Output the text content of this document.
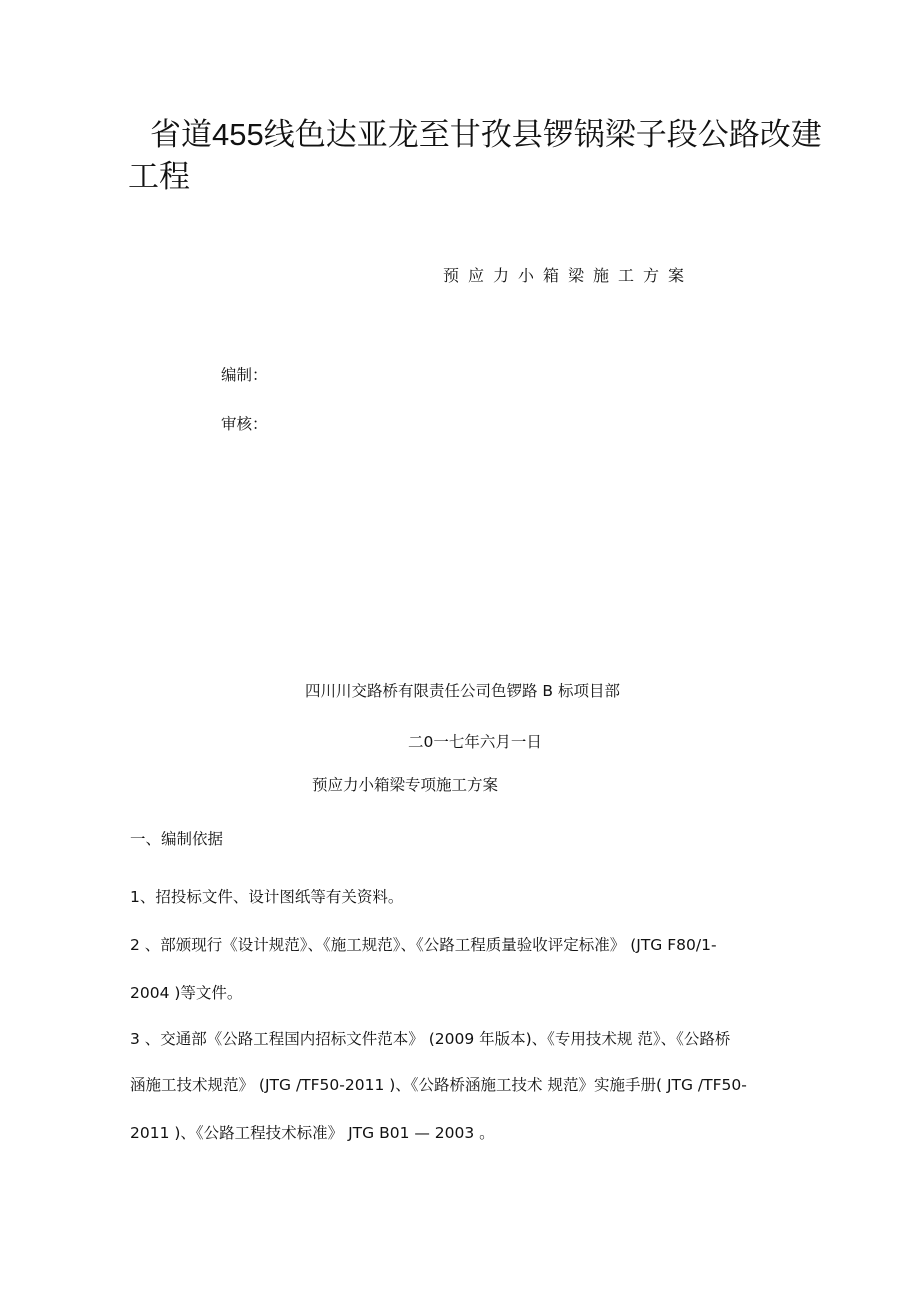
省道455线色达亚龙至甘孜县锣锅梁子段公路改建
工程
预应力小箱梁施工方案
编制：
审核：
四川川交路桥有限责任公司色锣路 B 标项目部
二0一七年六月一日
预应力小箱梁专项施工方案
一、编制依据
1、招投标文件、设计图纸等有关资料。
2 、部颁现行《设计规范》、《施工规范》、《公路工程质量验收评定标准》 (JTG F80/1-
2004 )等文件。
3 、交通部《公路工程国内招标文件范本》 (2009 年版本)、《专用技术规 范》、《公路桥
涵施工技术规范》 (JTG /TF50-2011 )、《公路桥涵施工技术 规范》实施手册( JTG /TF50-
2011 )、《公路工程技术标准》 JTG B01 — 2003 。
